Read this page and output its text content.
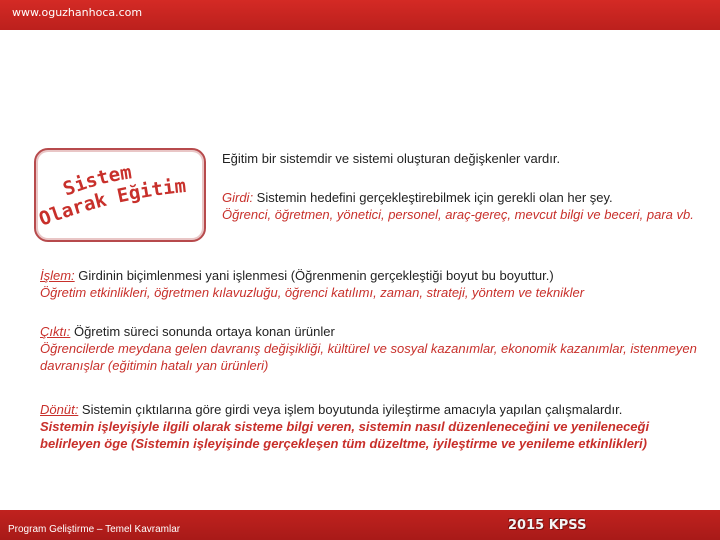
www.oguzhanhoca.com
Sistem
Olarak Eğitim
Eğitim bir sistemdir ve sistemi oluşturan değişkenler vardır.
Girdi: Sistemin hedefini gerçekleştirebilmek için gerekli olan her şey.
Öğrenci, öğretmen, yönetici, personel, araç-gereç, mevcut bilgi ve beceri, para vb.
İşlem: Girdinin biçimlenmesi yani işlenmesi (Öğrenmenin gerçekleştiği boyut bu boyuttur.)
Öğretim etkinlikleri, öğretmen kılavuzluğu, öğrenci katılımı, zaman, strateji, yöntem ve teknikler
Çıktı: Öğretim süreci sonunda ortaya konan ürünler
Öğrencilerde meydana gelen davranış değişikliği, kültürel ve sosyal kazanımlar, ekonomik kazanımlar, istenmeyen davranışlar (eğitimin hatalı yan ürünleri)
Dönüt: Sistemin çıktılarına göre girdi veya işlem boyutunda iyileştirme amacıyla yapılan çalışmalardır.
Sistemin işleyişiyle ilgili olarak sisteme bilgi veren, sistemin nasıl düzenleneceğini ve yenileneceği belirleyen öge (Sistemin işleyişinde gerçekleşen tüm düzeltme, iyileştirme ve yenileme etkinlikleri)
Program Geliştirme – Temel Kavramlar	2015 KPSS
